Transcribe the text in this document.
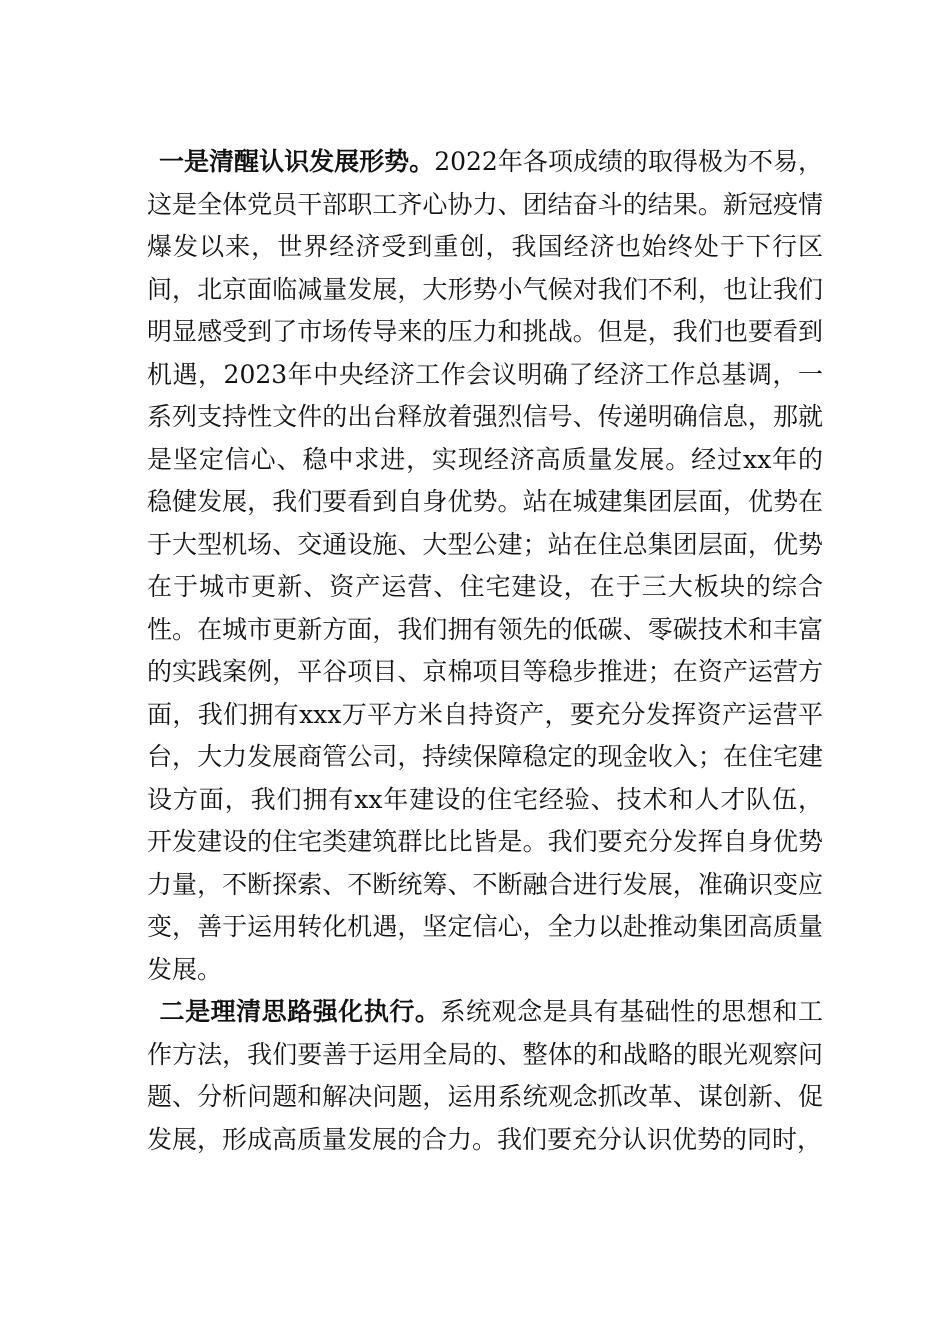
一是清醒认识发展形势。2022年各项成绩的取得极为不易，这是全体党员干部职工齐心协力、团结奋斗的结果。新冠疫情爆发以来，世界经济受到重创，我国经济也始终处于下行区间，北京面临减量发展，大形势小气候对我们不利，也让我们明显感受到了市场传导来的压力和挑战。但是，我们也要看到机遇，2023年中央经济工作会议明确了经济工作总基调，一系列支持性文件的出台释放着强烈信号、传递明确信息，那就是坚定信心、稳中求进，实现经济高质量发展。经过xx年的稳健发展，我们要看到自身优势。站在城建集团层面，优势在于大型机场、交通设施、大型公建；站在住总集团层面，优势在于城市更新、资产运营、住宅建设，在于三大板块的综合性。在城市更新方面，我们拥有领先的低碳、零碳技术和丰富的实践案例，平谷项目、京棉项目等稳步推进；在资产运营方面，我们拥有xxx万平方米自持资产，要充分发挥资产运营平台，大力发展商管公司，持续保障稳定的现金收入；在住宅建设方面，我们拥有xx年建设的住宅经验、技术和人才队伍，开发建设的住宅类建筑群比比皆是。我们要充分发挥自身优势力量，不断探索、不断统筹、不断融合进行发展，准确识变应变，善于运用转化机遇，坚定信心，全力以赴推动集团高质量发展。

二是理清思路强化执行。系统观念是具有基础性的思想和工作方法，我们要善于运用全局的、整体的和战略的眼光观察问题、分析问题和解决问题，运用系统观念抓改革、谋创新、促发展，形成高质量发展的合力。我们要充分认识优势的同时，
